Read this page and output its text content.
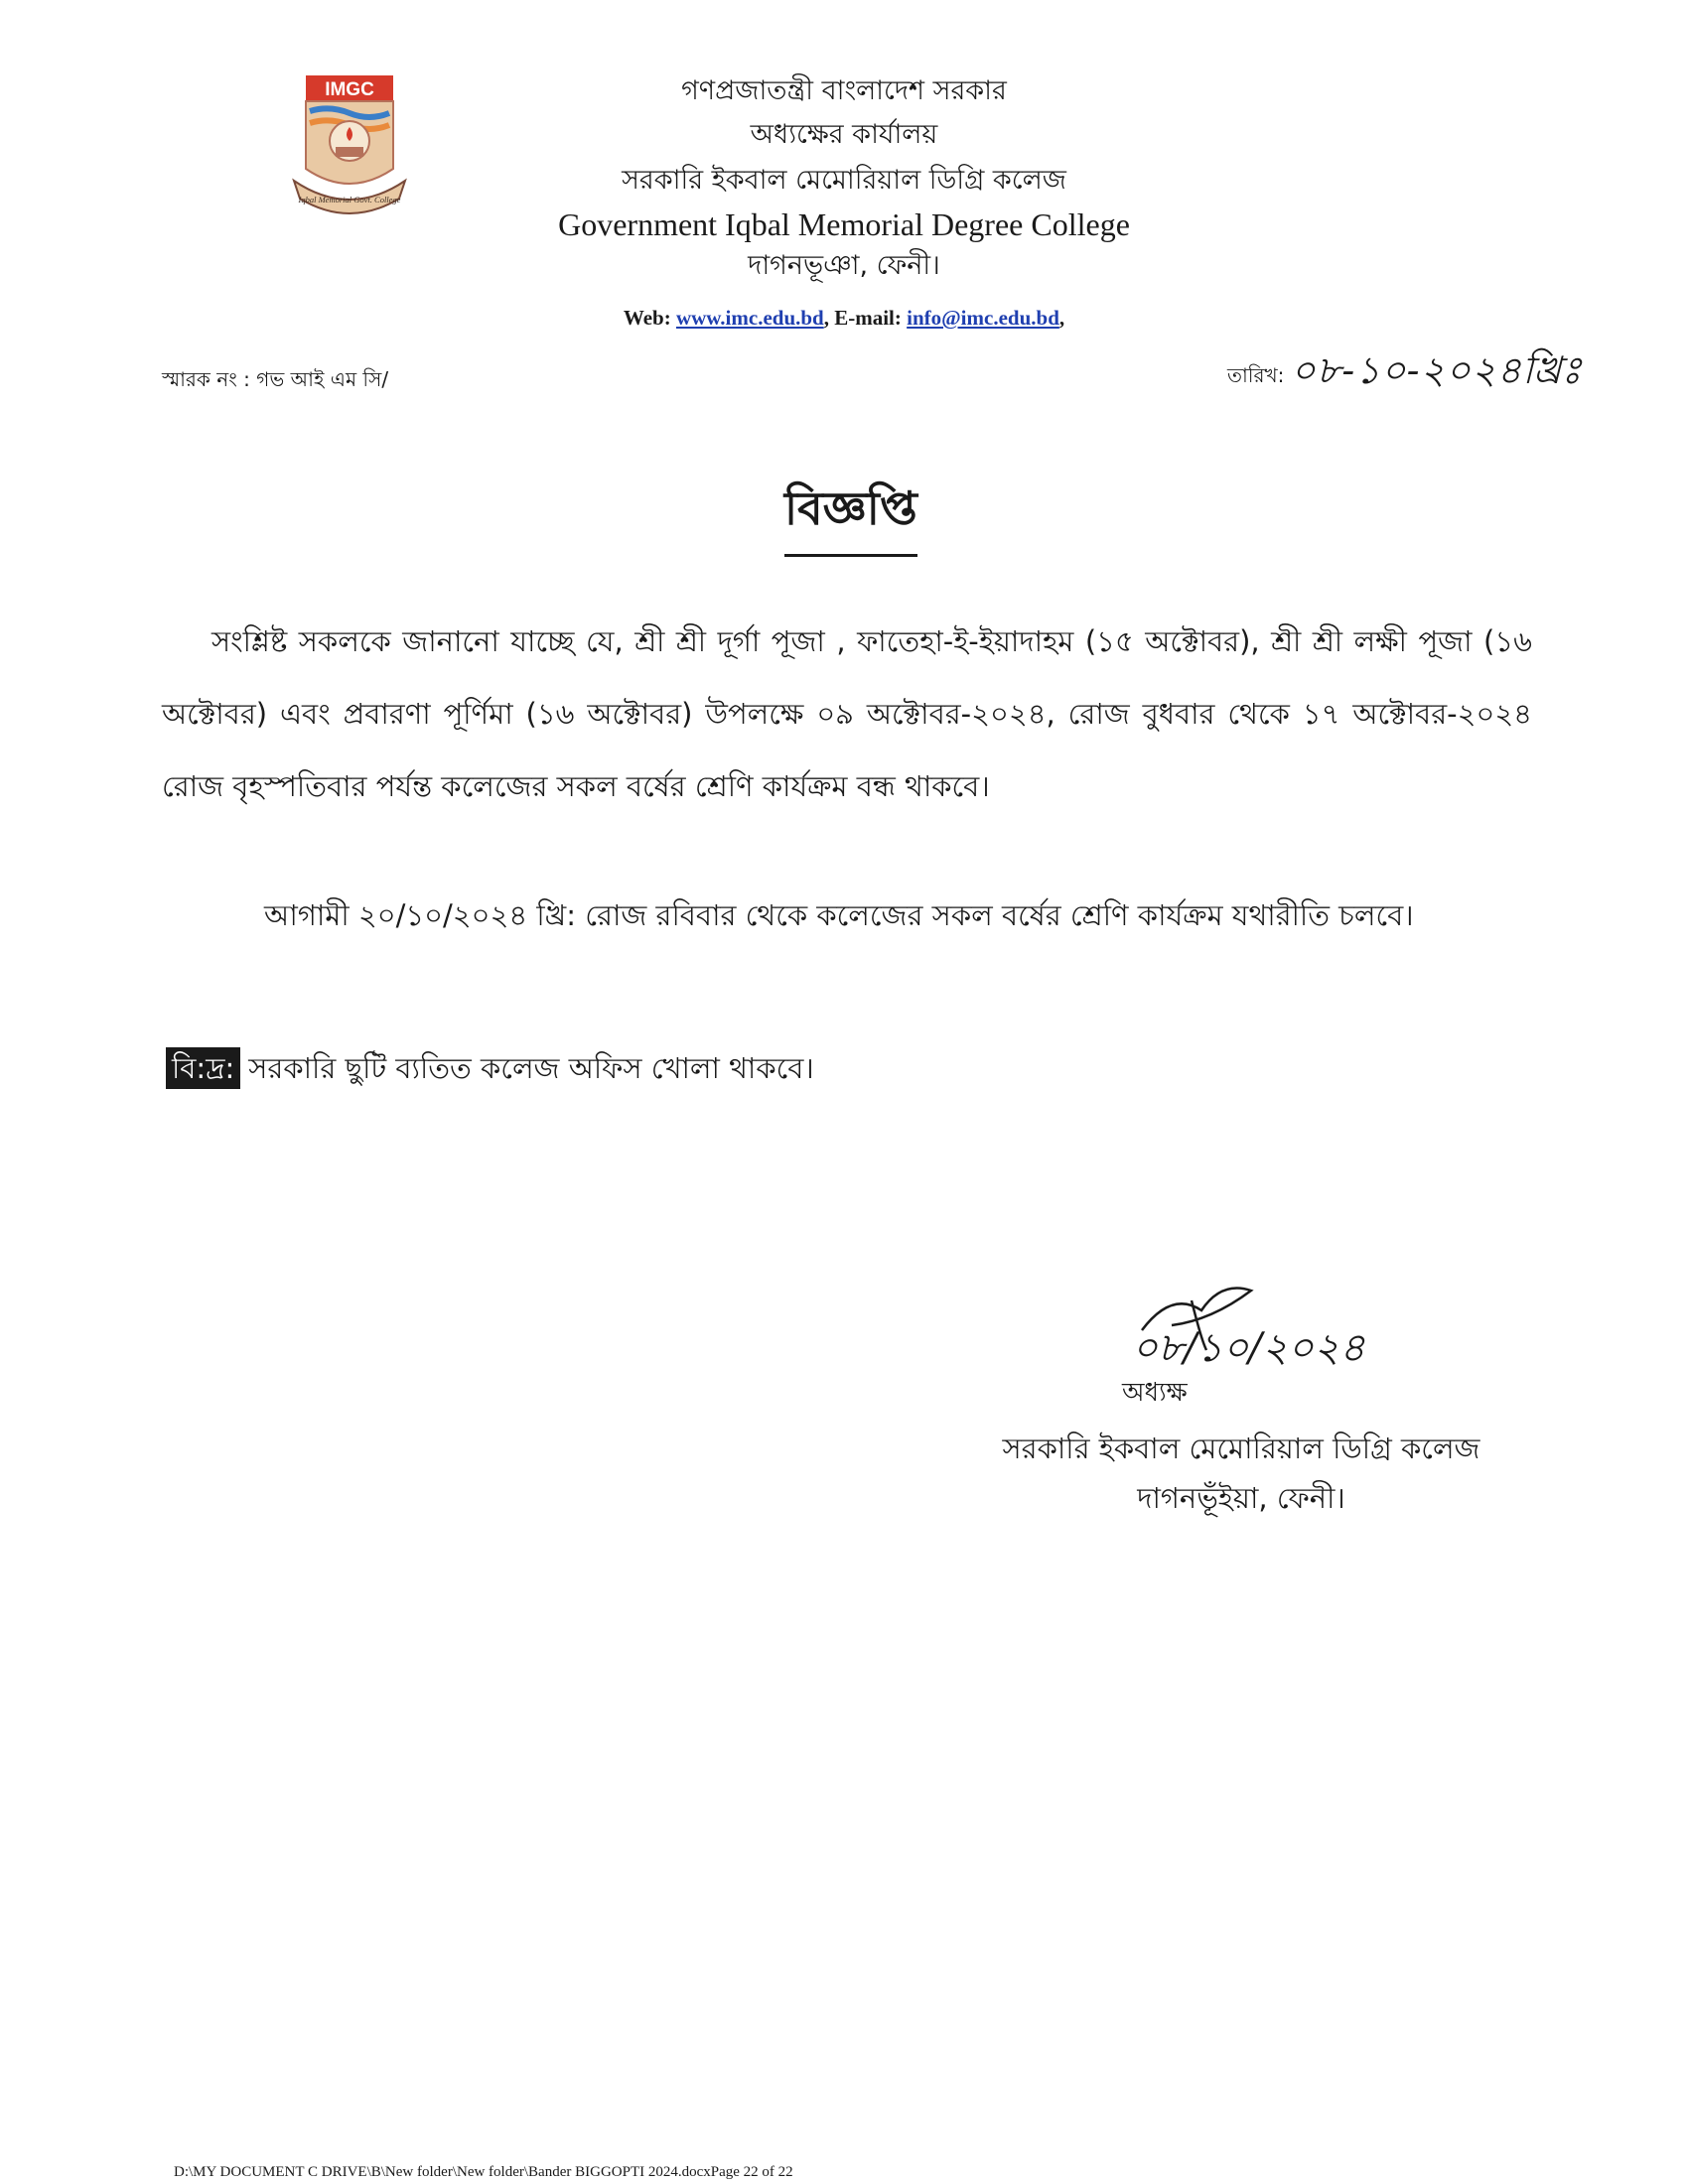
IMGC
Iqbal Memorial Govt. College
গণপ্রজাতন্ত্রী বাংলাদেশ সরকার
অধ্যক্ষের কার্যালয়
সরকারি ইকবাল মেমোরিয়াল ডিগ্রি কলেজ
Government Iqbal Memorial Degree College
দাগনভূঞা, ফেনী।
Web: www.imc.edu.bd, E-mail: info@imc.edu.bd,
স্মারক নং : গভ আই এম সি/	তারিখ: ০৮-১০-২০২৪খ্রিঃ
বিজ্ঞপ্তি
সংশ্লিষ্ট সকলকে জানানো যাচ্ছে যে, শ্রী শ্রী দূর্গা পূজা , ফাতেহা-ই-ইয়াদাহম (১৫ অক্টোবর), শ্রী শ্রী লক্ষী পূজা (১৬ অক্টোবর) এবং প্রবারণা পূর্ণিমা (১৬ অক্টোবর) উপলক্ষে ০৯ অক্টোবর-২০২৪, রোজ বুধবার থেকে ১৭ অক্টোবর-২০২৪ রোজ বৃহস্পতিবার পর্যন্ত কলেজের সকল বর্ষের শ্রেণি কার্যক্রম বন্ধ থাকবে।
আগামী ২০/১০/২০২৪ খ্রি: রোজ রবিবার থেকে কলেজের সকল বর্ষের শ্রেণি কার্যক্রম যথারীতি চলবে।
বি:দ্র: সরকারি ছুটি ব্যতিত কলেজ অফিস খোলা থাকবে।
০৮/১০/২০২৪
অধ্যক্ষ
সরকারি ইকবাল মেমোরিয়াল ডিগ্রি কলেজ
দাগনভূঁইয়া, ফেনী।
D:\MY DOCUMENT C DRIVE\B\New folder\New folder\Bander BIGGOPTI 2024.docxPage 22 of 22
